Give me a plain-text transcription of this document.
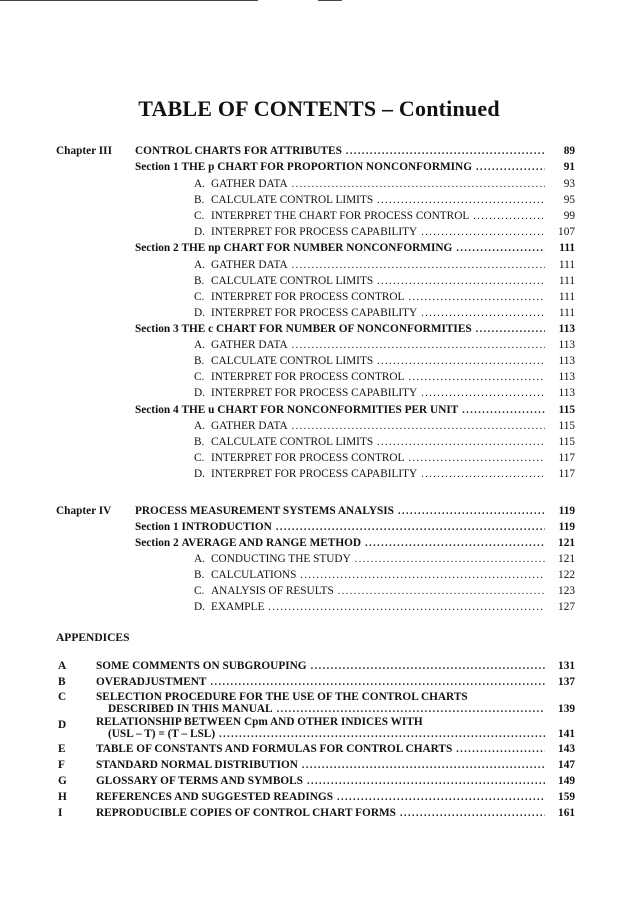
TABLE OF CONTENTS – Continued
Chapter III CONTROL CHARTS FOR ATTRIBUTES . . .	89
Section 1 THE p CHART FOR PROPORTION NONCONFORMING . . .	91
A. GATHER DATA . . .	93
B. CALCULATE CONTROL LIMITS . . .	95
C. INTERPRET THE CHART FOR PROCESS CONTROL . . .	99
D. INTERPRET FOR PROCESS CAPABILITY . . .	107
Section 2 THE np CHART FOR NUMBER NONCONFORMING . . .	111
A. GATHER DATA . . .	111
B. CALCULATE CONTROL LIMITS . . .	111
C. INTERPRET FOR PROCESS CONTROL . . .	111
D. INTERPRET FOR PROCESS CAPABILITY . . .	111
Section 3 THE c CHART FOR NUMBER OF NONCONFORMITIES . . .	113
A. GATHER DATA . . .	113
B. CALCULATE CONTROL LIMITS . . .	113
C. INTERPRET FOR PROCESS CONTROL . . .	113
D. INTERPRET FOR PROCESS CAPABILITY . . .	113
Section 4 THE u CHART FOR NONCONFORMITIES PER UNIT . . .	115
A. GATHER DATA . . .	115
B. CALCULATE CONTROL LIMITS . . .	115
C. INTERPRET FOR PROCESS CONTROL . . .	117
D. INTERPRET FOR PROCESS CAPABILITY . . .	117
Chapter IV PROCESS MEASUREMENT SYSTEMS ANALYSIS . . .	119
Section 1 INTRODUCTION . . .	119
Section 2 AVERAGE AND RANGE METHOD . . .	121
A. CONDUCTING THE STUDY . . .	121
B. CALCULATIONS . . .	122
C. ANALYSIS OF RESULTS . . .	123
D. EXAMPLE . . .	127
APPENDICES
A	SOME COMMENTS ON SUBGROUPING . . .	131
B	OVERADJUSTMENT . . .	137
C	SELECTION PROCEDURE FOR THE USE OF THE CONTROL CHARTS
DESCRIBED IN THIS MANUAL . . .	139
D	RELATIONSHIP BETWEEN Cpm AND OTHER INDICES WITH
(USL – T) = (T – LSL) . . .	141
E	TABLE OF CONSTANTS AND FORMULAS FOR CONTROL CHARTS . . .	143
F	STANDARD NORMAL DISTRIBUTION . . .	147
G	GLOSSARY OF TERMS AND SYMBOLS . . .	149
H	REFERENCES AND SUGGESTED READINGS . . .	159
I	REPRODUCIBLE COPIES OF CONTROL CHART FORMS . . .	161
